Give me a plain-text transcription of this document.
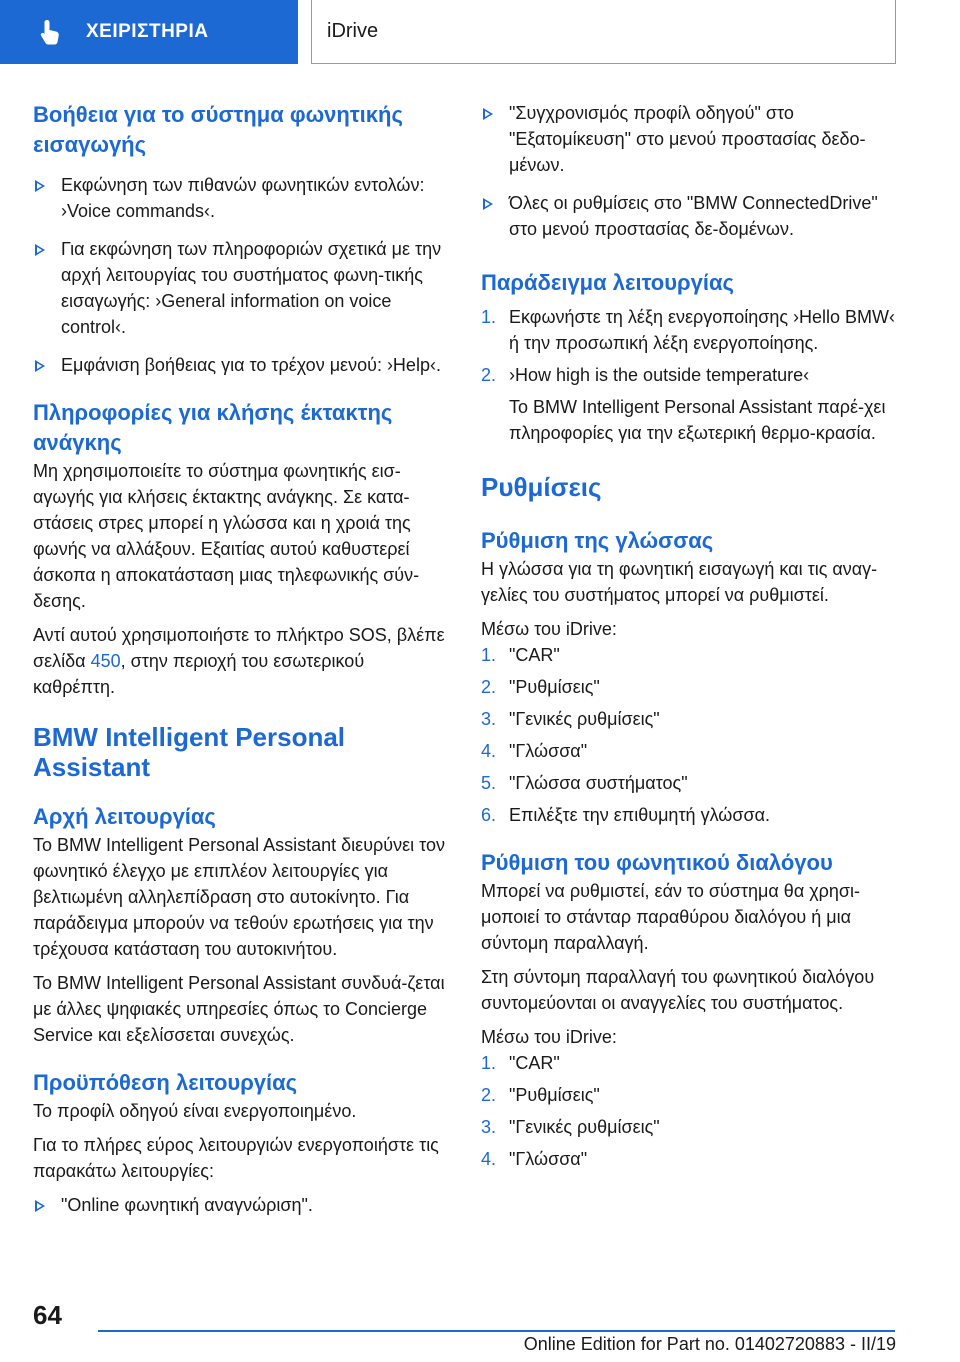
ΧΕΙΡΙΣΤΗΡΙΑ	iDrive
Βοήθεια για το σύστημα φωνητικής εισαγωγής
Εκφώνηση των πιθανών φωνητικών εντολών: ›Voice commands‹.
Για εκφώνηση των πληροφοριών σχετικά με την αρχή λειτουργίας του συστήματος φωνη-τικής εισαγωγής: ›General information on voice control‹.
Εμφάνιση βοήθειας για το τρέχον μενού: ›Help‹.
Πληροφορίες για κλήσης έκτακτης ανάγκης

Μη χρησιμοποιείτε το σύστημα φωνητικής εισ-αγωγής για κλήσεις έκτακτης ανάγκης. Σε κατα-στάσεις στρες μπορεί η γλώσσα και η χροιά της φωνής να αλλάξουν. Εξαιτίας αυτού καθυστερεί άσκοπα η αποκατάσταση μιας τηλεφωνικής σύν-δεσης.

Αντί αυτού χρησιμοποιήστε το πλήκτρο SOS, βλέπε σελίδα 450, στην περιοχή του εσωτερικού καθρέπτη.

BMW Intelligent Personal Assistant
Αρχή λειτουργίας

Το BMW Intelligent Personal Assistant διευρύνει τον φωνητικό έλεγχο με επιπλέον λειτουργίες για βελτιωμένη αλληλεπίδραση στο αυτοκίνητο. Για παράδειγμα μπορούν να τεθούν ερωτήσεις για την τρέχουσα κατάσταση του αυτοκινήτου.

Το BMW Intelligent Personal Assistant συνδυά-ζεται με άλλες ψηφιακές υπηρεσίες όπως το Concierge Service και εξελίσσεται συνεχώς.

Προϋπόθεση λειτουργίας

Το προφίλ οδηγού είναι ενεργοποιημένο.

Για το πλήρες εύρος λειτουργιών ενεργοποιήστε τις παρακάτω λειτουργίες:

"Online φωνητική αναγνώριση".
"Συγχρονισμός προφίλ οδηγού" στο "Εξατομίκευση" στο μενού προστασίας δεδο-μένων.
Όλες οι ρυθμίσεις στο "BMW ConnectedDrive" στο μενού προστασίας δε-δομένων.
Παράδειγμα λειτουργίας
1. Εκφωνήστε τη λέξη ενεργοποίησης ›Hello BMW‹ ή την προσωπική λέξη ενεργοποίησης.
2. ›How high is the outside temperature‹
Το BMW Intelligent Personal Assistant παρέ-χει πληροφορίες για την εξωτερική θερμο-κρασία.
Ρυθμίσεις
Ρύθμιση της γλώσσας

Η γλώσσα για τη φωνητική εισαγωγή και τις αναγ-γελίες του συστήματος μπορεί να ρυθμιστεί.

Μέσω του iDrive:

1. "CAR"
2. "Ρυθμίσεις"
3. "Γενικές ρυθμίσεις"
4. "Γλώσσα"
5. "Γλώσσα συστήματος"
6. Επιλέξτε την επιθυμητή γλώσσα.
Ρύθμιση του φωνητικού διαλόγου

Μπορεί να ρυθμιστεί, εάν το σύστημα θα χρησι-μοποιεί το στάνταρ παραθύρου διαλόγου ή μια σύντομη παραλλαγή.

Στη σύντομη παραλλαγή του φωνητικού διαλόγου συντομεύονται οι αναγγελίες του συστήματος.

Μέσω του iDrive:

1. "CAR"
2. "Ρυθμίσεις"
3. "Γενικές ρυθμίσεις"
4. "Γλώσσα"
64
Online Edition for Part no. 01402720883 - II/19
